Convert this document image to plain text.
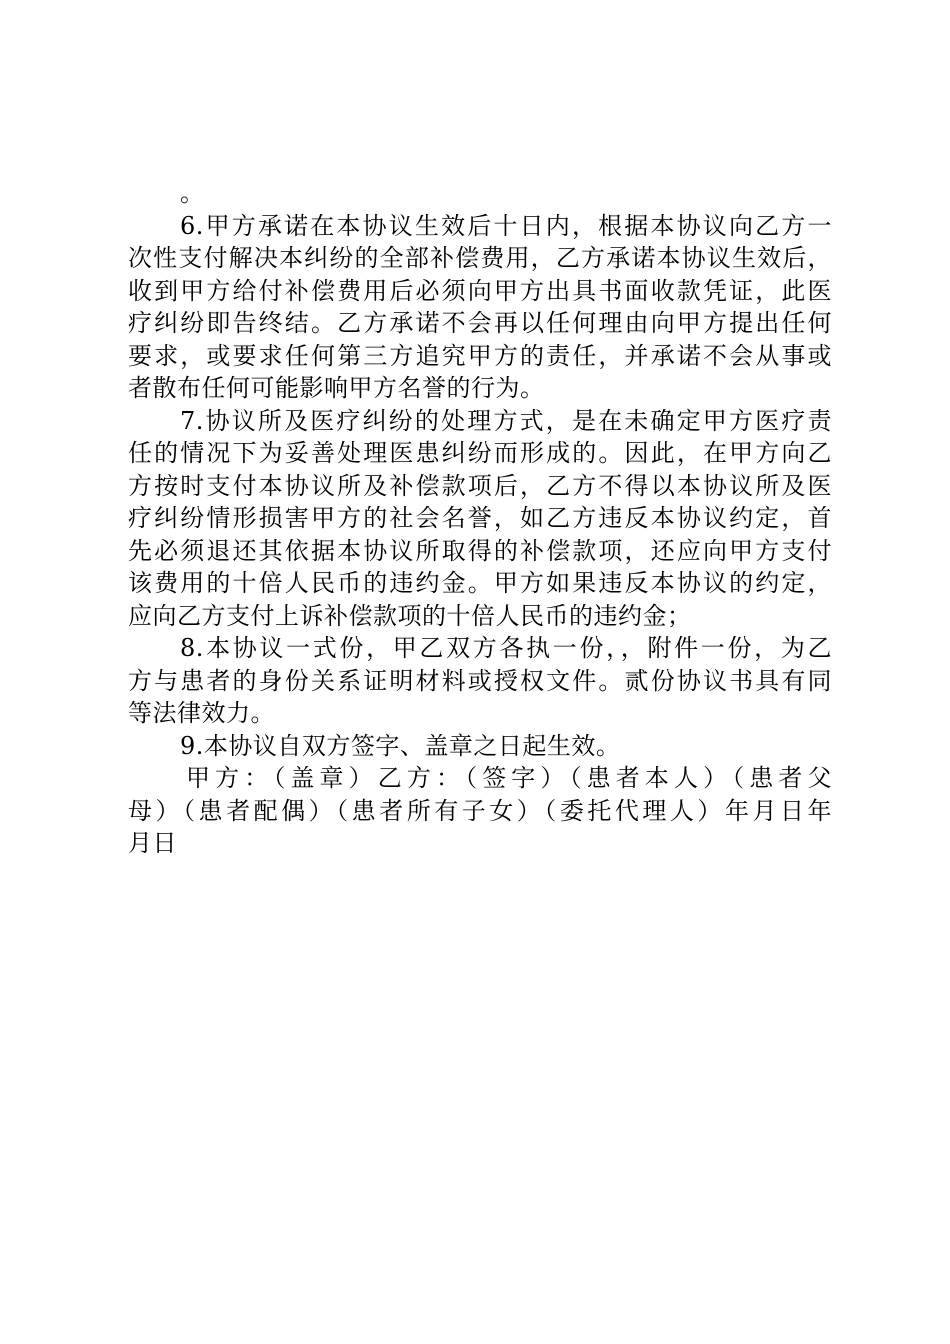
。
6.甲方承诺在本协议生效后十日内，根据本协议向乙方一
次性支付解决本纠纷的全部补偿费用，乙方承诺本协议生效后，
收到甲方给付补偿费用后必须向甲方出具书面收款凭证，此医
疗纠纷即告终结。乙方承诺不会再以任何理由向甲方提出任何
要求，或要求任何第三方追究甲方的责任，并承诺不会从事或
者散布任何可能影响甲方名誉的行为。
7.协议所及医疗纠纷的处理方式，是在未确定甲方医疗责
任的情况下为妥善处理医患纠纷而形成的。因此，在甲方向乙
方按时支付本协议所及补偿款项后，乙方不得以本协议所及医
疗纠纷情形损害甲方的社会名誉，如乙方违反本协议约定，首
先必须退还其依据本协议所取得的补偿款项，还应向甲方支付
该费用的十倍人民币的违约金。甲方如果违反本协议的约定，
应向乙方支付上诉补偿款项的十倍人民币的违约金；
8.本协议一式份，甲乙双方各执一份，，附件一份，为乙
方与患者的身份关系证明材料或授权文件。贰份协议书具有同
等法律效力。
9.本协议自双方签字、盖章之日起生效。
甲方：（盖章）乙方：（签字）（患者本人）（患者父
母）（患者配偶）（患者所有子女）（委托代理人）年月日年
月日
